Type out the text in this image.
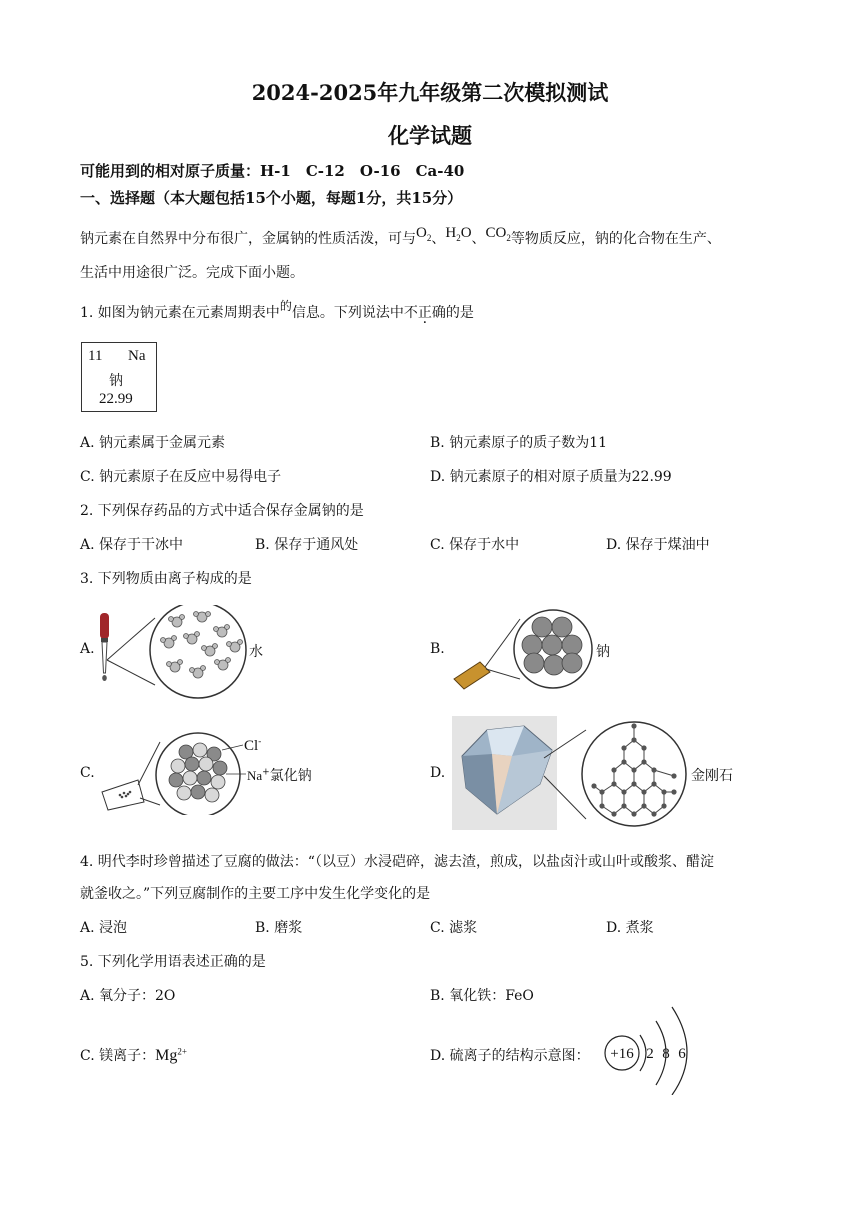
2024-2025年九年级第二次模拟测试
化学试题
可能用到的相对原子质量：H-1　C-12　O-16　Ca-40
一、选择题（本大题包括15个小题，每题1分，共15分）
钠元素在自然界中分布很广，金属钠的性质活泼，可与$O_2$、$H_2O$、$CO_2$等物质反应，钠的化合物在生产、
生活中用途很广泛。完成下面小题。
1. 如图为钠元素在元素周期表中的信息。下列说法中不正确的是
11 Na
钠
22.99
A. 钠元素属于金属元素	B. 钠元素原子的质子数为11
C. 钠元素原子在反应中易得电子	D. 钠元素原子的相对原子质量为22.99
2. 下列保存药品的方式中适合保存金属钠的是
A. 保存于干冰中	B. 保存于通风处	C. 保存于水中	D. 保存于煤油中
3. 下列物质由离子构成的是
A.	水	B.	钠
C.
Cl-
Na+氯化钠	D.	金刚石
4. 明代李时珍曾描述了豆腐的做法：“（以豆）水浸硙碎，滤去渣，煎成，以盐卤汁或山叶或酸浆、醋淀
就釜收之。”下列豆腐制作的主要工序中发生化学变化的是
A. 浸泡	B. 磨浆	C. 滤浆	D. 煮浆
5. 下列化学用语表述正确的是
A. 氧分子：2O	B. 氧化铁：FeO
C. 镁离子：$Mg^{2+}$	D. 硫离子的结构示意图： +16 2 8 6
